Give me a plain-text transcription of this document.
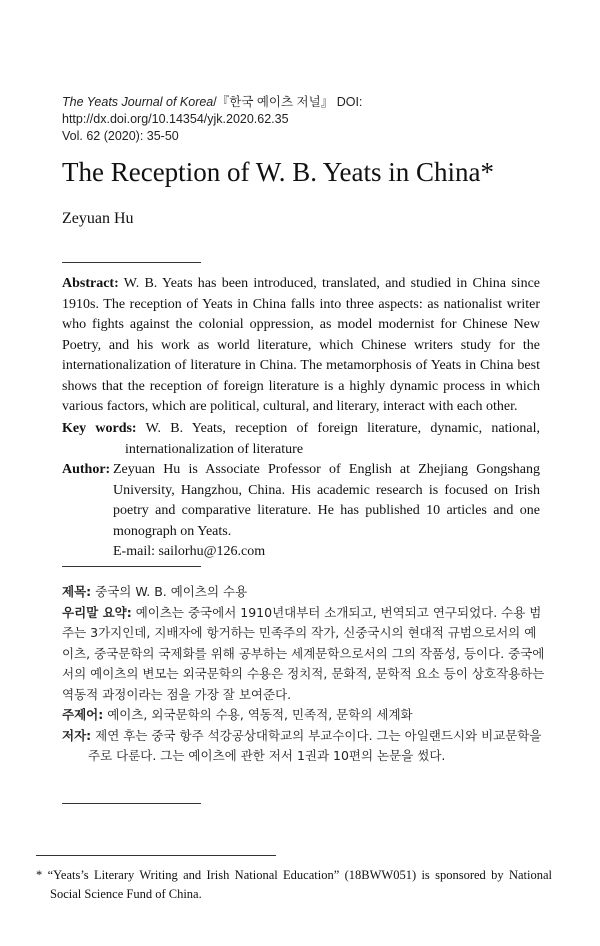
The Yeats Journal of Korea/『한국 예이츠 저널』 DOI: http://dx.doi.org/10.14354/yjk.2020.62.35
Vol. 62 (2020): 35-50
The Reception of W. B. Yeats in China*
Zeyuan Hu

Abstract: W. B. Yeats has been introduced, translated, and studied in China since 1910s. The reception of Yeats in China falls into three aspects: as nationalist writer who fights against the colonial oppression, as model modernist for Chinese New Poetry, and his work as world literature, which Chinese writers study for the internationalization of literature in China. The metamorphosis of Yeats in China best shows that the reception of foreign literature is a highly dynamic process in which various factors, which are political, cultural, and literary, interact with each other.

Key words: W. B. Yeats, reception of foreign literature, dynamic, national, internationalization of literature
Author: Zeyuan Hu is Associate Professor of English at Zhejiang Gongshang University, Hangzhou, China. His academic research is focused on Irish poetry and comparative literature. He has published 10 articles and one monograph on Yeats.
E-mail: sailorhu@126.com

제목: 중국의 W. B. 예이츠의 수용

우리말 요약: 예이츠는 중국에서 1910년대부터 소개되고, 번역되고 연구되었다. 수용 범주는 3가지인데, 지배자에 항거하는 민족주의 작가, 신중국시의 현대적 규범으로서의 예이츠, 중국문학의 국제화를 위해 공부하는 세계문학으로서의 그의 작품성, 등이다. 중국에서의 예이츠의 변모는 외국문학의 수용은 정치적, 문화적, 문학적 요소 등이 상호작용하는 역동적 과정이라는 점을 가장 잘 보여준다.

주제어: 예이츠, 외국문학의 수용, 역동적, 민족적, 문학의 세계화

저자: 제연 후는 중국 항주 석강공상대학교의 부교수이다. 그는 아일랜드시와 비교문학을 주로 다룬다. 그는 예이츠에 관한 저서 1권과 10편의 논문을 썼다.

* “Yeats’s Literary Writing and Irish National Education” (18BWW051) is sponsored by National Social Science Fund of China.
